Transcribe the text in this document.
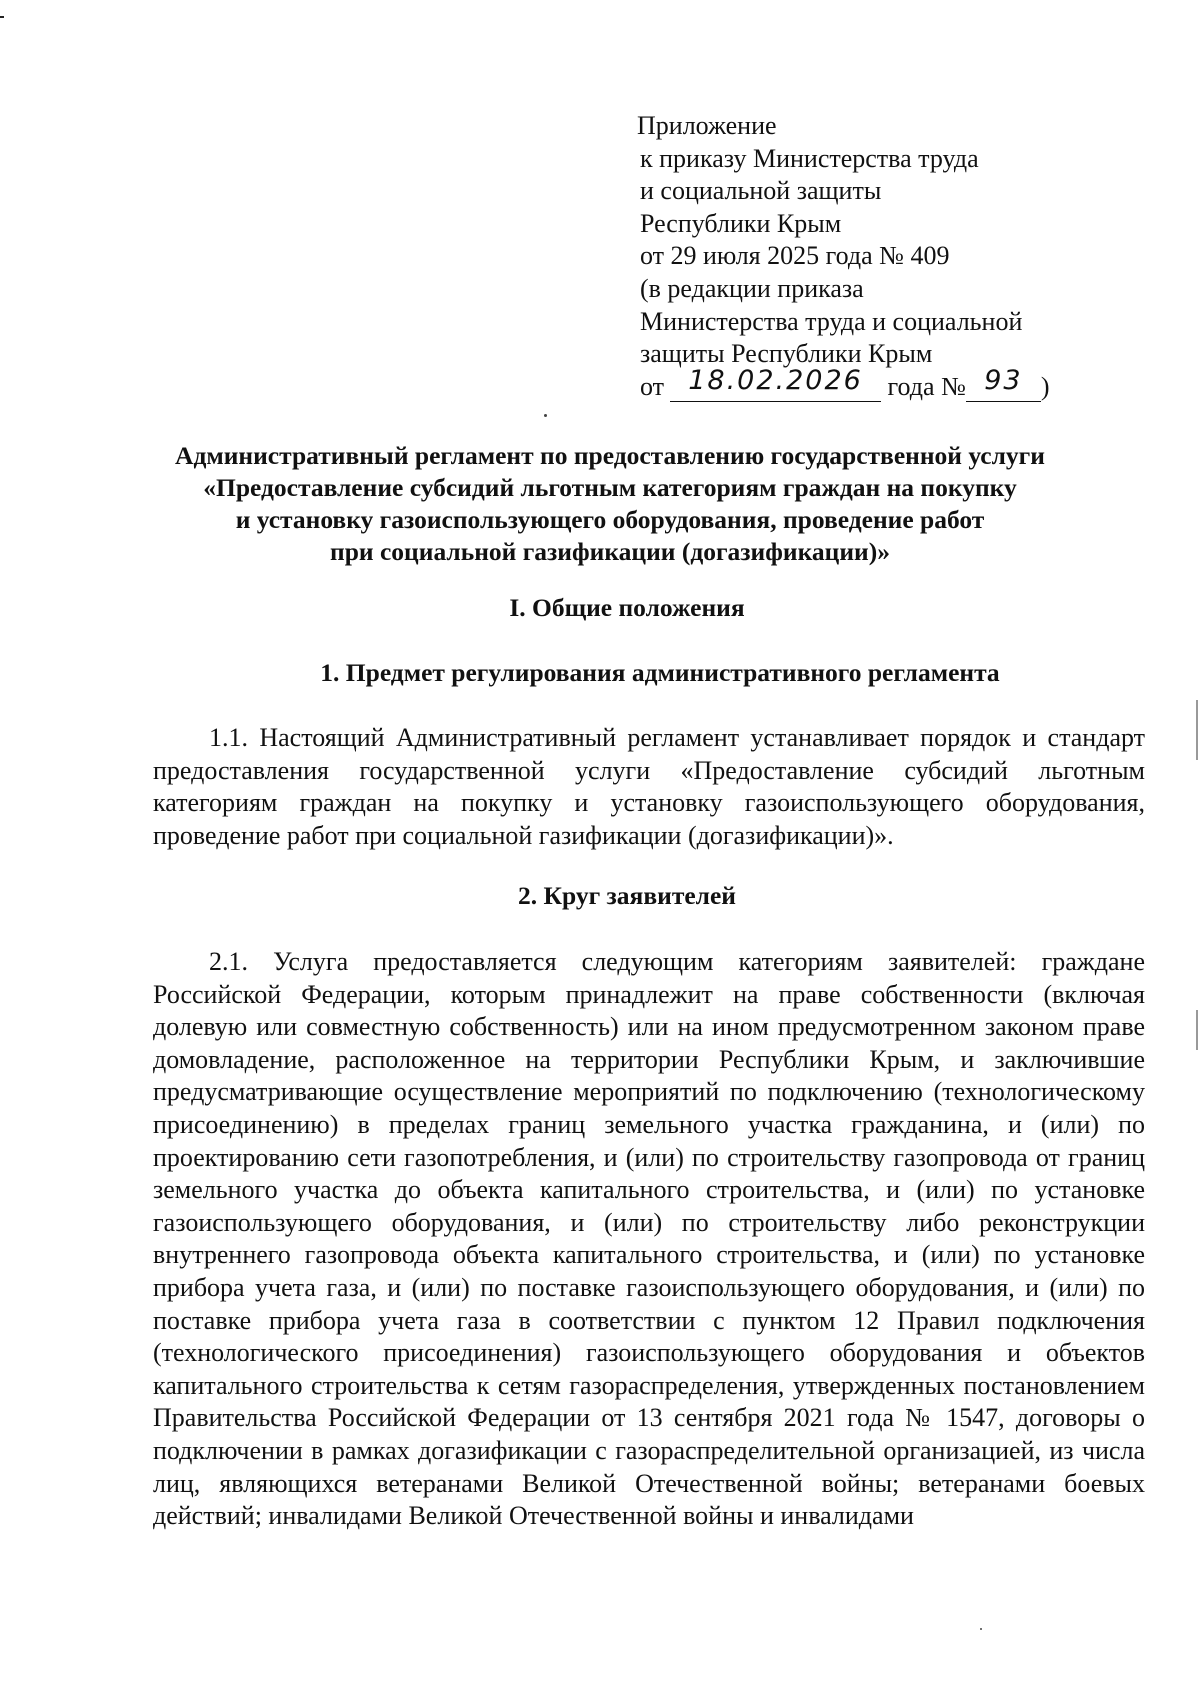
Приложение
к приказу Министерства труда
и социальной защиты
Республики Крым
от 29 июля 2025 года № 409
(в редакции приказа
Министерства труда и социальной
защиты Республики Крым
от 18.02.2026 года № 93 )
Административный регламент по предоставлению государственной услуги
«Предоставление субсидий льготным категориям граждан на покупку
и установку газоиспользующего оборудования, проведение работ
при социальной газификации (догазификации)»
I. Общие положения
1. Предмет регулирования административного регламента

1.1. Настоящий Административный регламент устанавливает порядок и стандарт предоставления государственной услуги «Предоставление субсидий льготным категориям граждан на покупку и установку газоиспользующего оборудования, проведение работ при социальной газификации (догазификации)».

2. Круг заявителей

2.1. Услуга предоставляется следующим категориям заявителей: граждане Российской Федерации, которым принадлежит на праве собственности (включая долевую или совместную собственность) или на ином предусмотренном законом праве домовладение, расположенное на территории Республики Крым, и заключившие предусматривающие осуществление мероприятий по подключению (технологическому присоединению) в пределах границ земельного участка гражданина, и (или) по проектированию сети газопотребления, и (или) по строительству газопровода от границ земельного участка до объекта капитального строительства, и (или) по установке газоиспользующего оборудования, и (или) по строительству либо реконструкции внутреннего газопровода объекта капитального строительства, и (или) по установке прибора учета газа, и (или) по поставке газоиспользующего оборудования, и (или) по поставке прибора учета газа в соответствии с пунктом 12 Правил подключения (технологического присоединения) газоиспользующего оборудования и объектов капитального строительства к сетям газораспределения, утвержденных постановлением Правительства Российской Федерации от 13 сентября 2021 года № 1547, договоры о подключении в рамках догазификации с газораспределительной организацией, из числа лиц, являющихся ветеранами Великой Отечественной войны; ветеранами боевых действий; инвалидами Великой Отечественной войны и инвалидами
